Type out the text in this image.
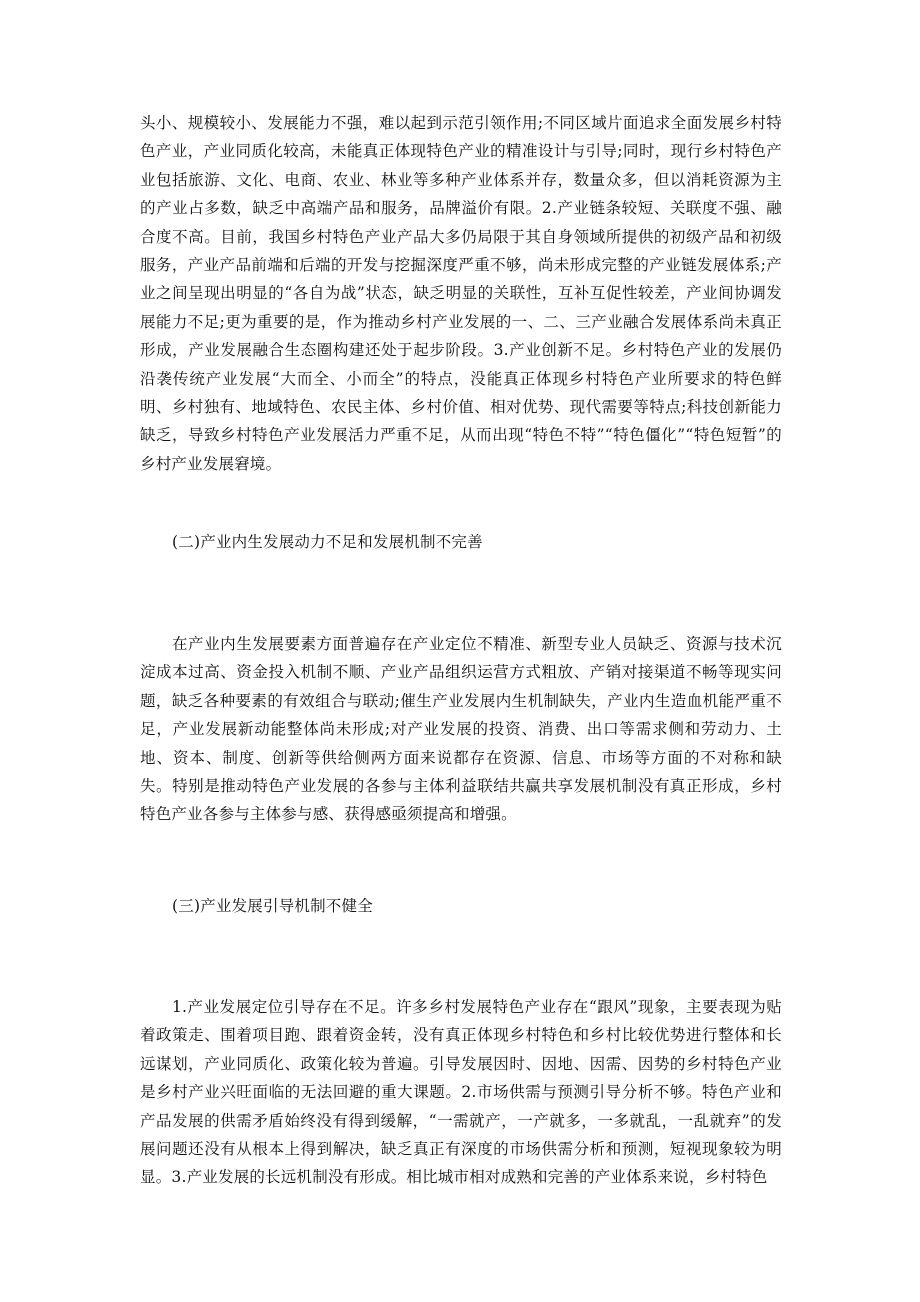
头小、规模较小、发展能力不强，难以起到示范引领作用;不同区域片面追求全面发展乡村特色产业，产业同质化较高，未能真正体现特色产业的精准设计与引导;同时，现行乡村特色产业包括旅游、文化、电商、农业、林业等多种产业体系并存，数量众多，但以消耗资源为主的产业占多数，缺乏中高端产品和服务，品牌溢价有限。2.产业链条较短、关联度不强、融合度不高。目前，我国乡村特色产业产品大多仍局限于其自身领域所提供的初级产品和初级服务，产业产品前端和后端的开发与挖掘深度严重不够，尚未形成完整的产业链发展体系;产业之间呈现出明显的“各自为战”状态，缺乏明显的关联性，互补互促性较差，产业间协调发展能力不足;更为重要的是，作为推动乡村产业发展的一、二、三产业融合发展体系尚未真正形成，产业发展融合生态圈构建还处于起步阶段。3.产业创新不足。乡村特色产业的发展仍沿袭传统产业发展“大而全、小而全”的特点，没能真正体现乡村特色产业所要求的特色鲜明、乡村独有、地域特色、农民主体、乡村价值、相对优势、现代需要等特点;科技创新能力缺乏，导致乡村特色产业发展活力严重不足，从而出现“特色不特”“特色僵化”“特色短暂”的乡村产业发展窘境。

(二)产业内生发展动力不足和发展机制不完善

在产业内生发展要素方面普遍存在产业定位不精准、新型专业人员缺乏、资源与技术沉淀成本过高、资金投入机制不顺、产业产品组织运营方式粗放、产销对接渠道不畅等现实问题，缺乏各种要素的有效组合与联动;催生产业发展内生机制缺失，产业内生造血机能严重不足，产业发展新动能整体尚未形成;对产业发展的投资、消费、出口等需求侧和劳动力、土地、资本、制度、创新等供给侧两方面来说都存在资源、信息、市场等方面的不对称和缺失。特别是推动特色产业发展的各参与主体利益联结共赢共享发展机制没有真正形成，乡村特色产业各参与主体参与感、获得感亟须提高和增强。

(三)产业发展引导机制不健全

1.产业发展定位引导存在不足。许多乡村发展特色产业存在“跟风”现象，主要表现为贴着政策走、围着项目跑、跟着资金转，没有真正体现乡村特色和乡村比较优势进行整体和长远谋划，产业同质化、政策化较为普遍。引导发展因时、因地、因需、因势的乡村特色产业是乡村产业兴旺面临的无法回避的重大课题。2.市场供需与预测引导分析不够。特色产业和产品发展的供需矛盾始终没有得到缓解，“一需就产，一产就多，一多就乱，一乱就弃”的发展问题还没有从根本上得到解决，缺乏真正有深度的市场供需分析和预测，短视现象较为明显。3.产业发展的长远机制没有形成。相比城市相对成熟和完善的产业体系来说，乡村特色
